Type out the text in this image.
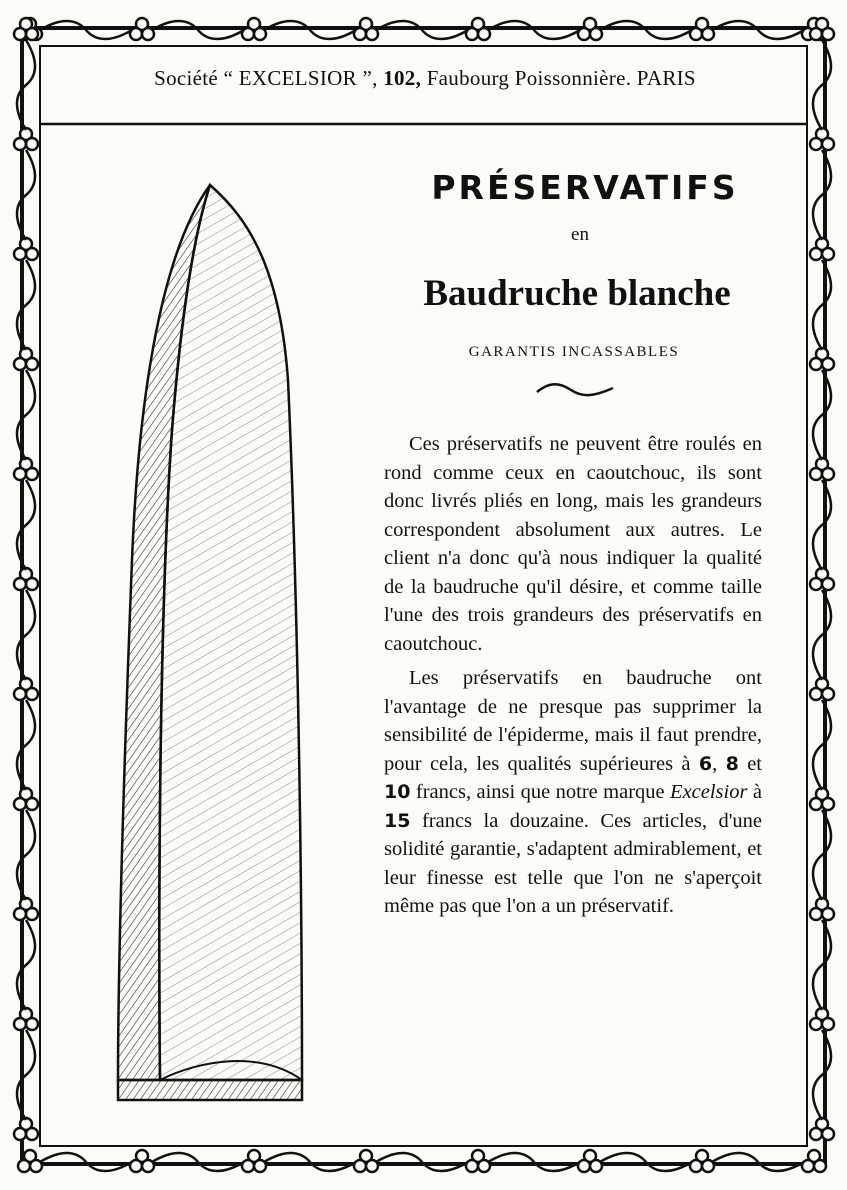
Société “ EXCELSIOR ”, 102, Faubourg Poissonnière. PARIS
PRÉSERVATIFS
en
Baudruche blanche
GARANTIS INCASSABLES

Ces préservatifs ne peuvent être roulés en rond comme ceux en caoutchouc, ils sont donc livrés pliés en long, mais les grandeurs correspondent absolument aux autres. Le client n'a donc qu'à nous indiquer la qualité de la baudruche qu'il désire, et comme taille l'une des trois grandeurs des préservatifs en caoutchouc.

Les préservatifs en baudruche ont l'avantage de ne presque pas supprimer la sensibilité de l'épiderme, mais il faut prendre, pour cela, les qualités supérieures à 6, 8 et 10 francs, ainsi que notre marque Excelsior à 15 francs la douzaine. Ces articles, d'une solidité garantie, s'adaptent admirablement, et leur finesse est telle que l'on ne s'aperçoit même pas que l'on a un préservatif.
